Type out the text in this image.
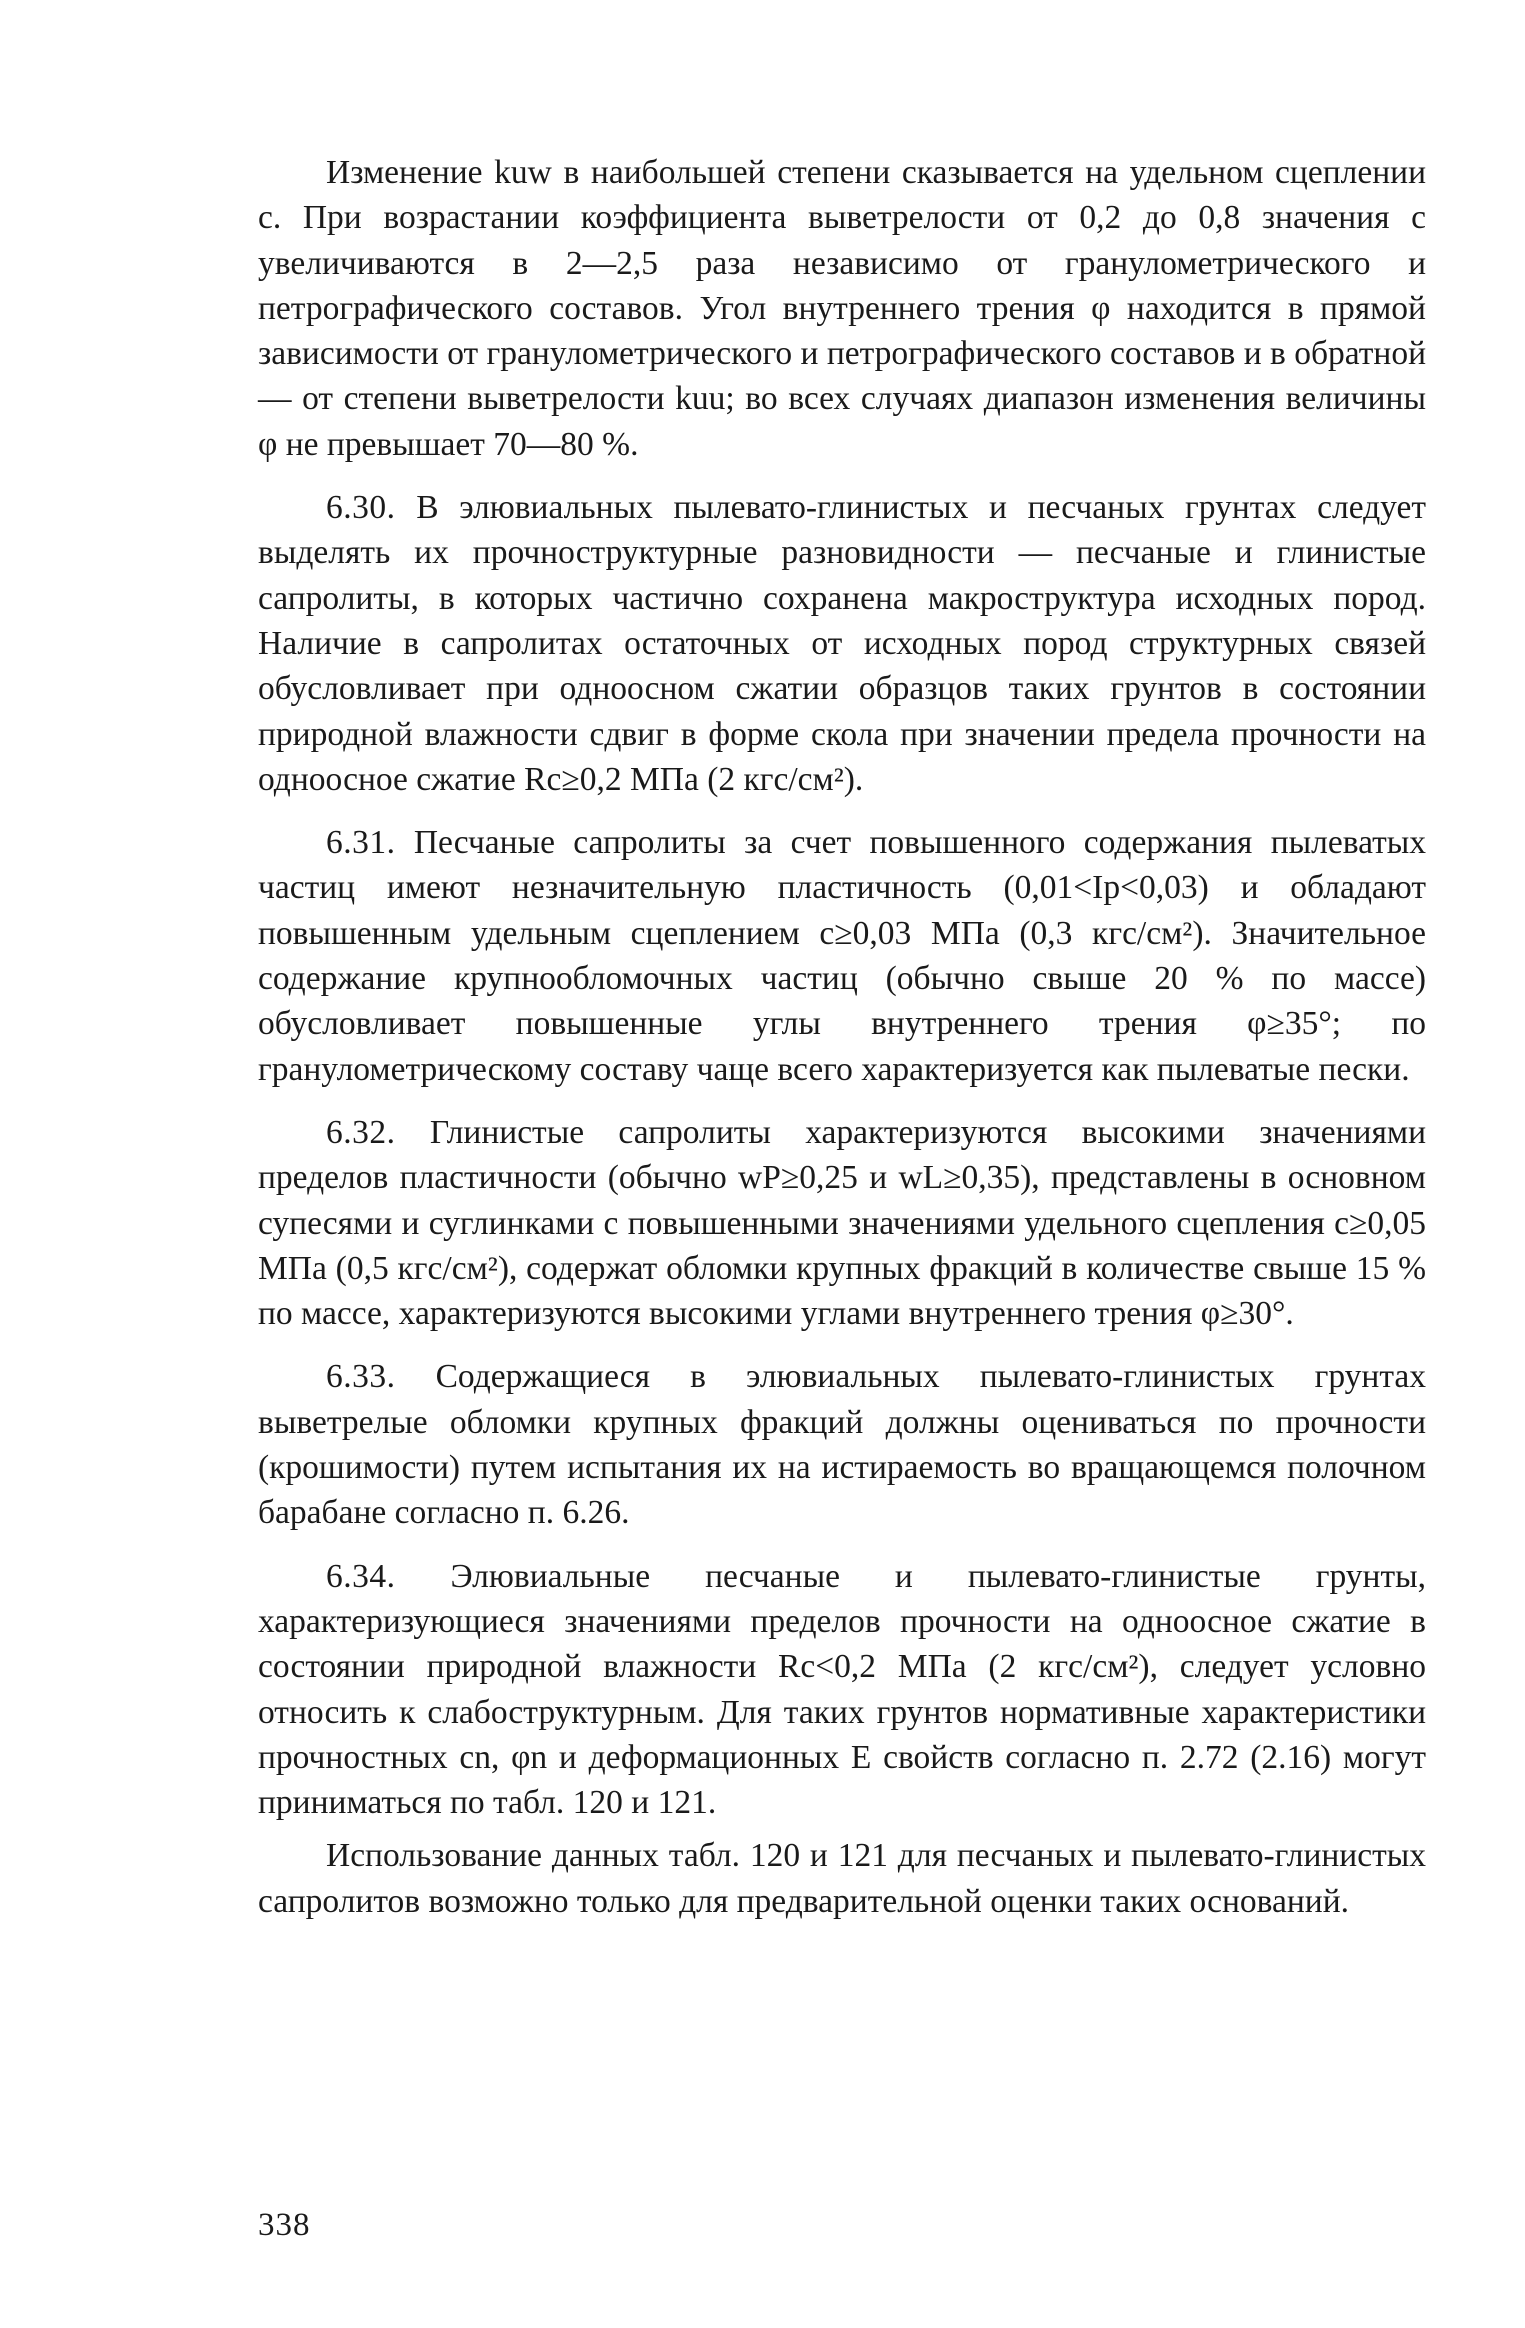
Изменение kuw в наибольшей степени сказывается на удельном сцеплении c. При возрастании коэффициента выветрелости от 0,2 до 0,8 значения c увеличиваются в 2—2,5 раза независимо от гранулометрического и петрографического составов. Угол внутреннего трения φ находится в прямой зависимости от гранулометрического и петрографического составов и в обратной — от степени выветрелости kuu; во всех случаях диапазон изменения величины φ не превышает 70—80 %.

6.30. В элювиальных пылевато-глинистых и песчаных грунтах следует выделять их прочноструктурные разновидности — песчаные и глинистые сапролиты, в которых частично сохранена макроструктура исходных пород. Наличие в сапролитах остаточных от исходных пород структурных связей обусловливает при одноосном сжатии образцов таких грунтов в состоянии природной влажности сдвиг в форме скола при значении предела прочности на одноосное сжатие Rc≥0,2 МПа (2 кгс/см²).

6.31. Песчаные сапролиты за счет повышенного содержания пылеватых частиц имеют незначительную пластичность (0,01<Ip<0,03) и обладают повышенным удельным сцеплением c≥0,03 МПа (0,3 кгс/см²). Значительное содержание крупнообломочных частиц (обычно свыше 20 % по массе) обусловливает повышенные углы внутреннего трения φ≥35°; по гранулометрическому составу чаще всего характеризуется как пылеватые пески.

6.32. Глинистые сапролиты характеризуются высокими значениями пределов пластичности (обычно wP≥0,25 и wL≥0,35), представлены в основном супесями и суглинками с повышенными значениями удельного сцепления c≥0,05 МПа (0,5 кгс/см²), содержат обломки крупных фракций в количестве свыше 15 % по массе, характеризуются высокими углами внутреннего трения φ≥30°.

6.33. Содержащиеся в элювиальных пылевато-глинистых грунтах выветрелые обломки крупных фракций должны оцениваться по прочности (крошимости) путем испытания их на истираемость во вращающемся полочном барабане согласно п. 6.26.

6.34. Элювиальные песчаные и пылевато-глинистые грунты, характеризующиеся значениями пределов прочности на одноосное сжатие в состоянии природной влажности Rc<0,2 МПа (2 кгс/см²), следует условно относить к слабоструктурным. Для таких грунтов нормативные характеристики прочностных cn, φn и деформационных E свойств согласно п. 2.72 (2.16) могут приниматься по табл. 120 и 121.

Использование данных табл. 120 и 121 для песчаных и пылевато-глинистых сапролитов возможно только для предварительной оценки таких оснований.

338
